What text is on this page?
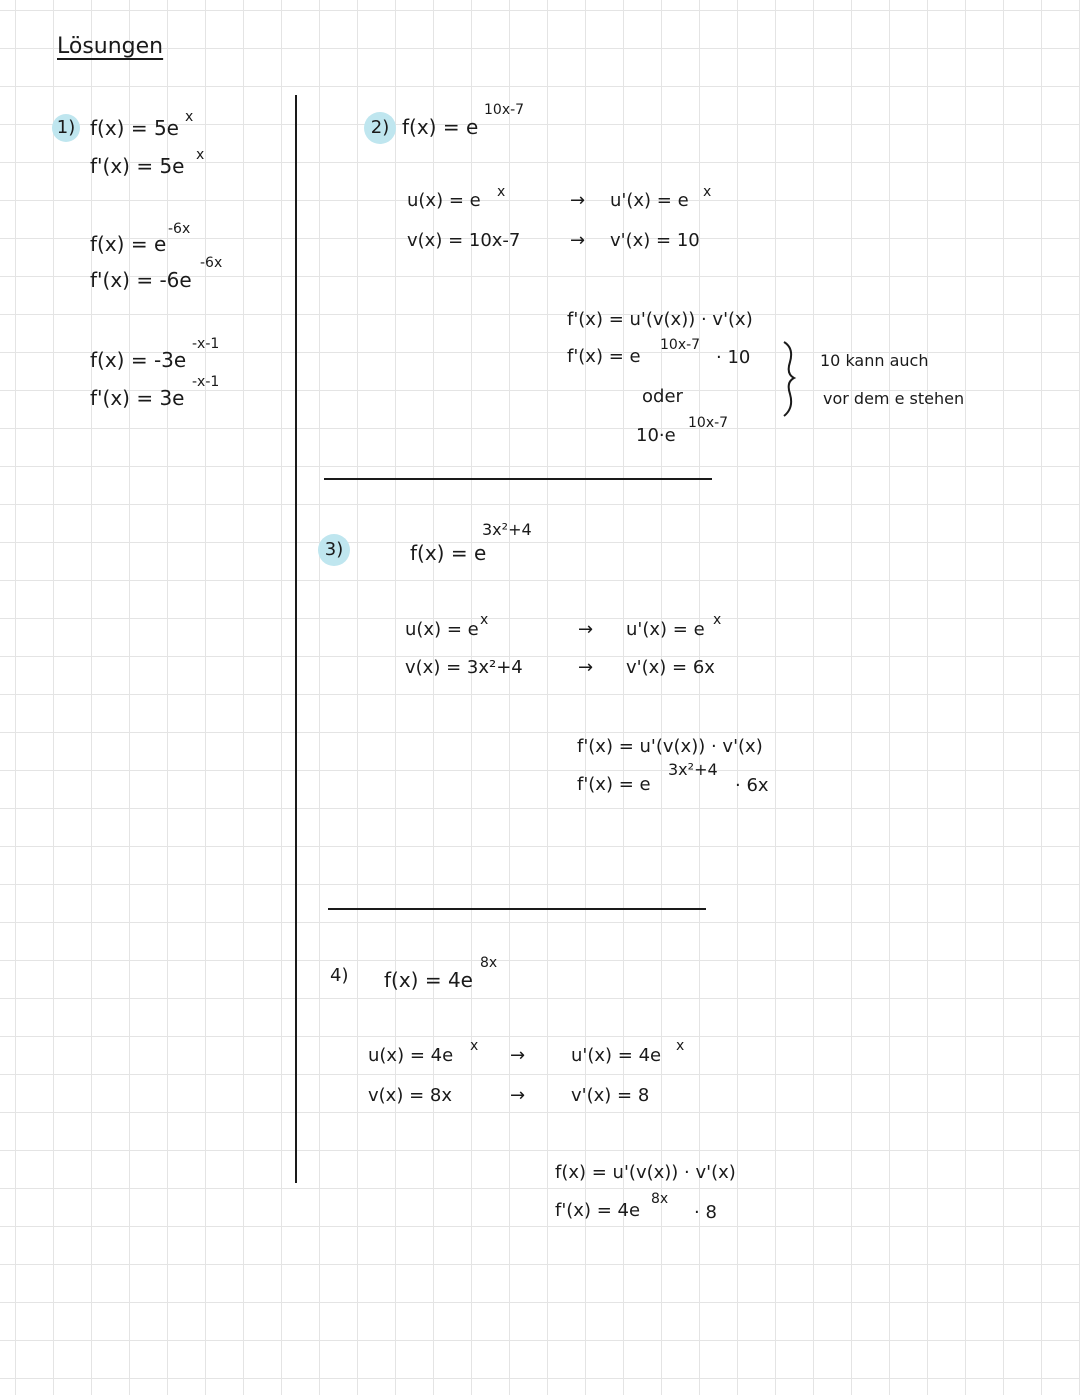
Lösungen
1) f(x) = 5e x
f'(x) = 5e x
f(x) = e
-6x
f'(x) = -6e
-6x
f(x) = -3e
-x-1
f'(x) = 3e
-x-1
2) f(x) = e
10x-7
u(x) = e x
v(x) = 10x-7
→
→
u'(x) = e x
v'(x) = 10
f'(x) = u'(v(x)) · v'(x)
f'(x) = e
10x-7
· 10
oder
10·e
10x-7
10 kann auch
vor dem e stehen
3)	f(x) = e
3x²+4
u(x) = e x
v(x) = 3x²+4
→
→
u'(x) = e x
v'(x) = 6x
f'(x) = u'(v(x)) · v'(x)
f'(x) = e
3x²+4
· 6x
4) f(x) = 4e
8x
u(x) = 4e x
v(x) = 8x
→
→
u'(x) = 4e x
v'(x) = 8
f(x) = u'(v(x)) · v'(x)
f'(x) = 4e
8x
· 8
